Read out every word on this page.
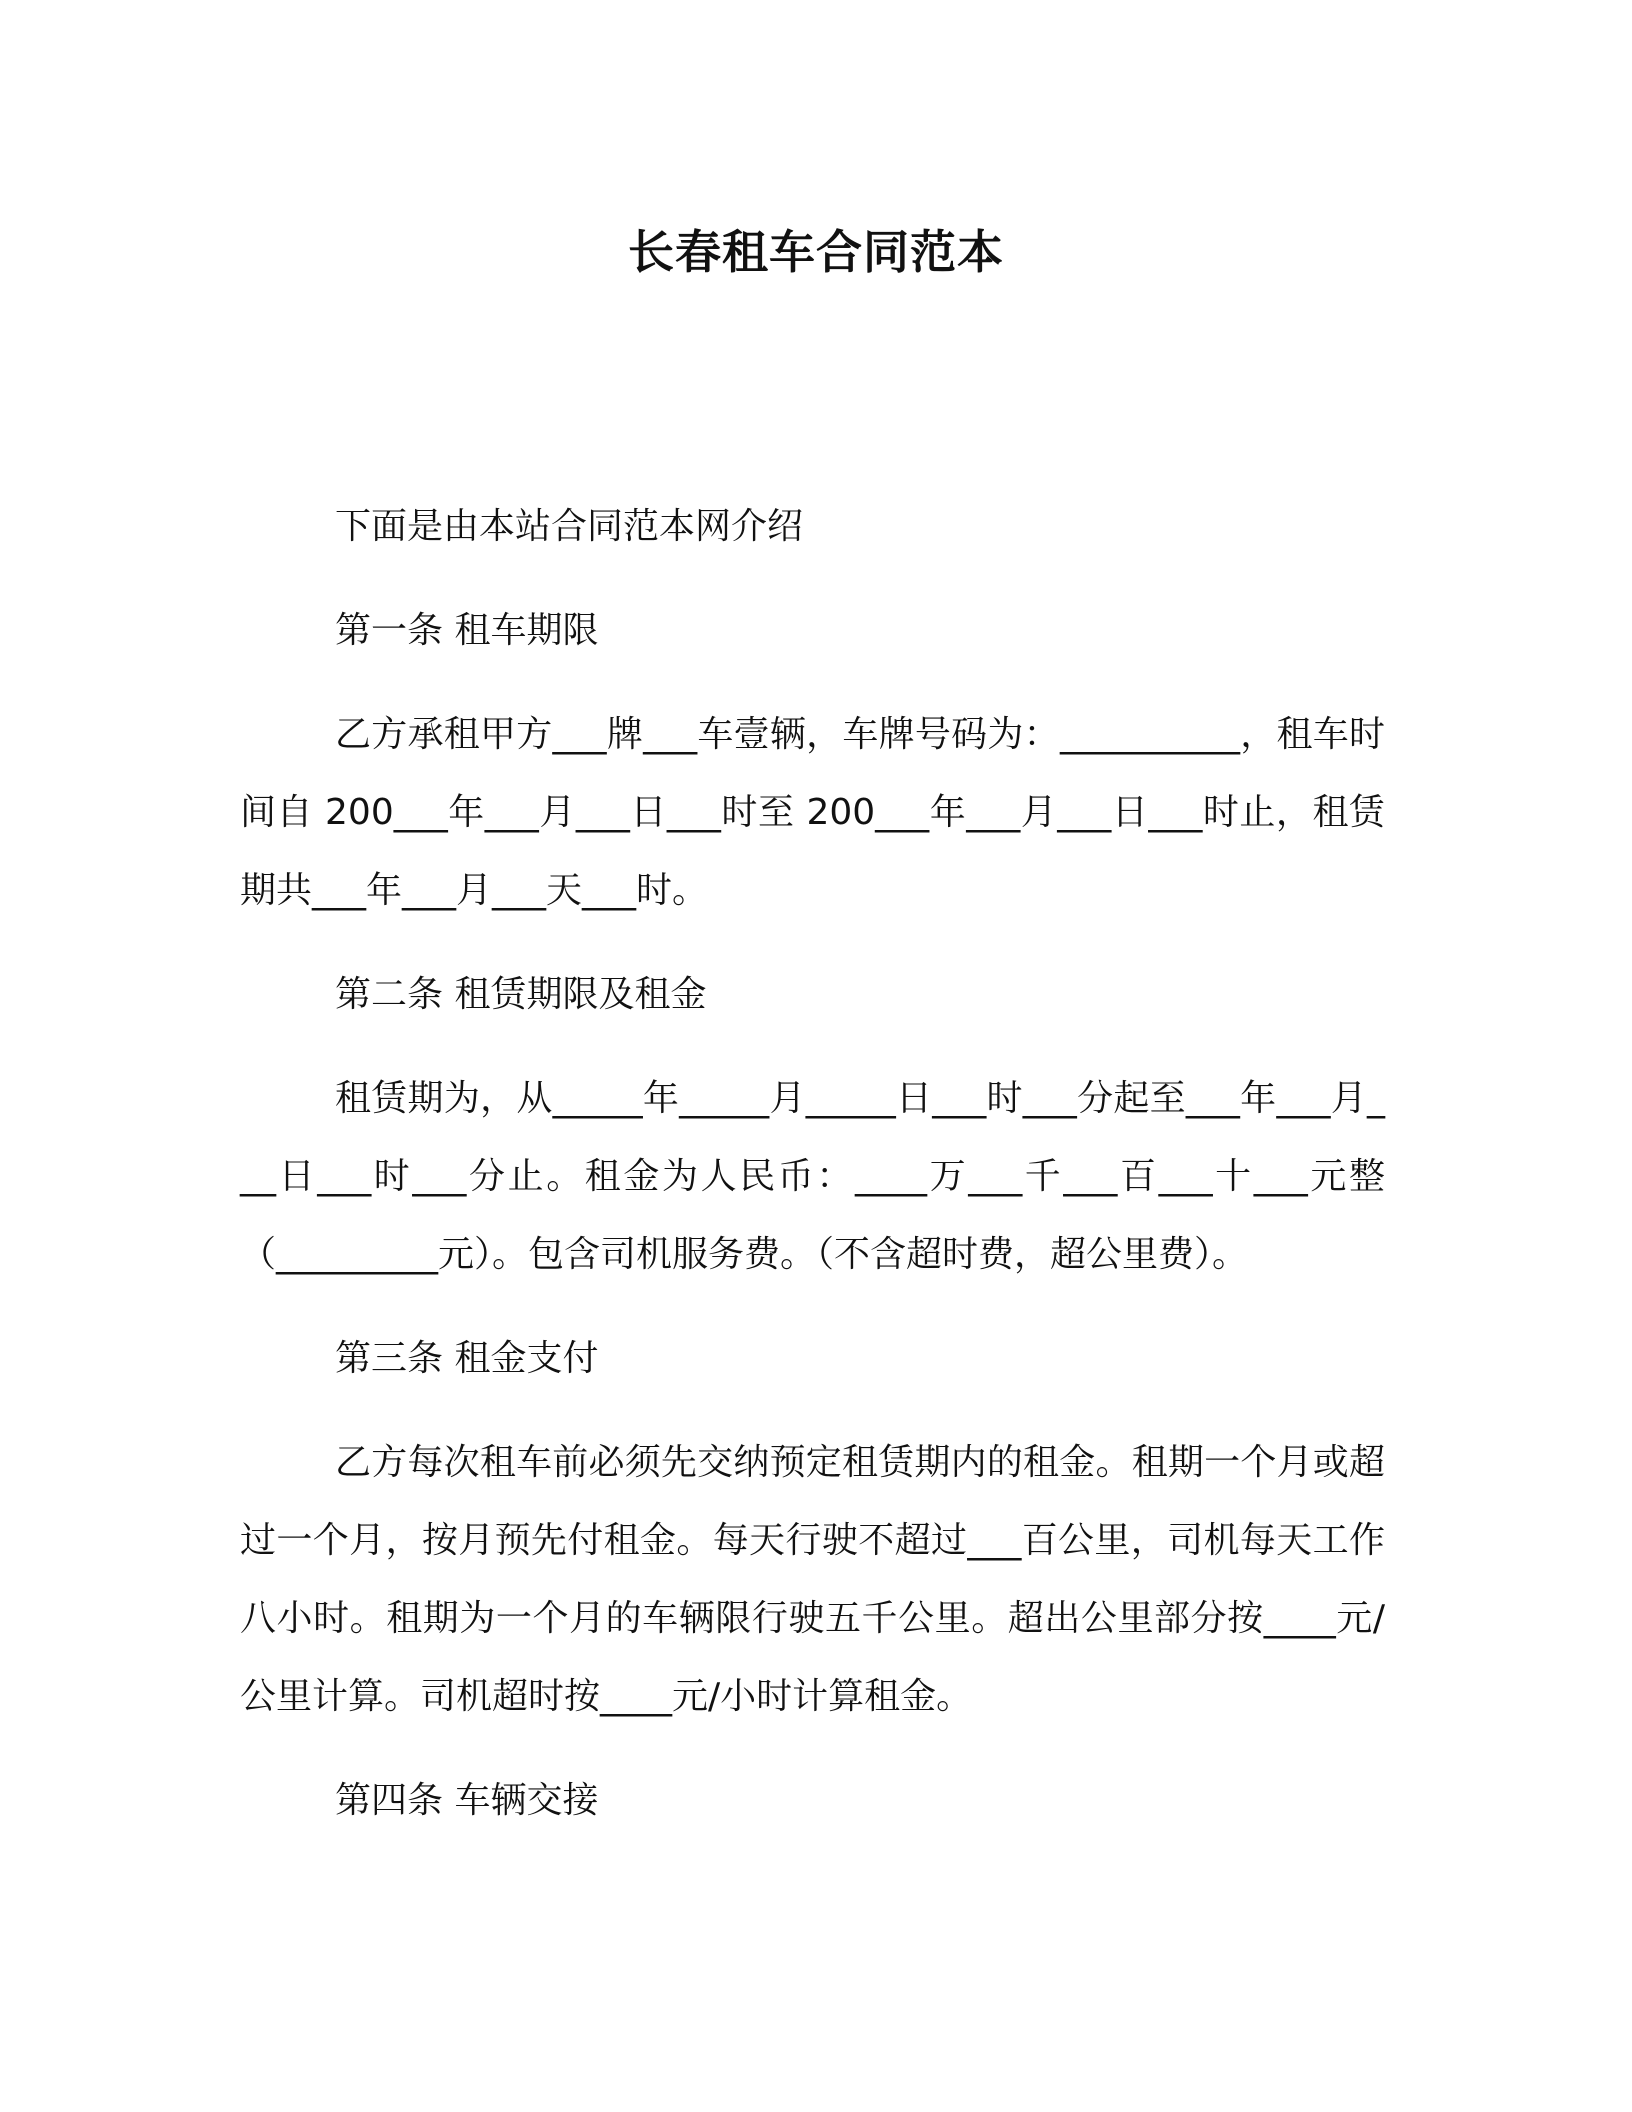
长春租车合同范本

下面是由本站合同范本网介绍

第一条 租车期限

乙方承租甲方___牌___车壹辆，车牌号码为：__________，租车时间自 200___年___月___日___时至 200___年___月___日___时止，租赁期共___年___月___天___时。

第二条 租赁期限及租金

租赁期为，从_____年_____月_____日___时___分起至___年___月___日___时___分止。租金为人民币：____万___千___百___十___元整 （_________元）。包含司机服务费。（不含超时费，超公里费）。

第三条 租金支付

乙方每次租车前必须先交纳预定租赁期内的租金。租期一个月或超过一个月，按月预先付租金。每天行驶不超过___百公里，司机每天工作八小时。租期为一个月的车辆限行驶五千公里。超出公里部分按____元/公里计算。司机超时按____元/小时计算租金。

第四条 车辆交接
